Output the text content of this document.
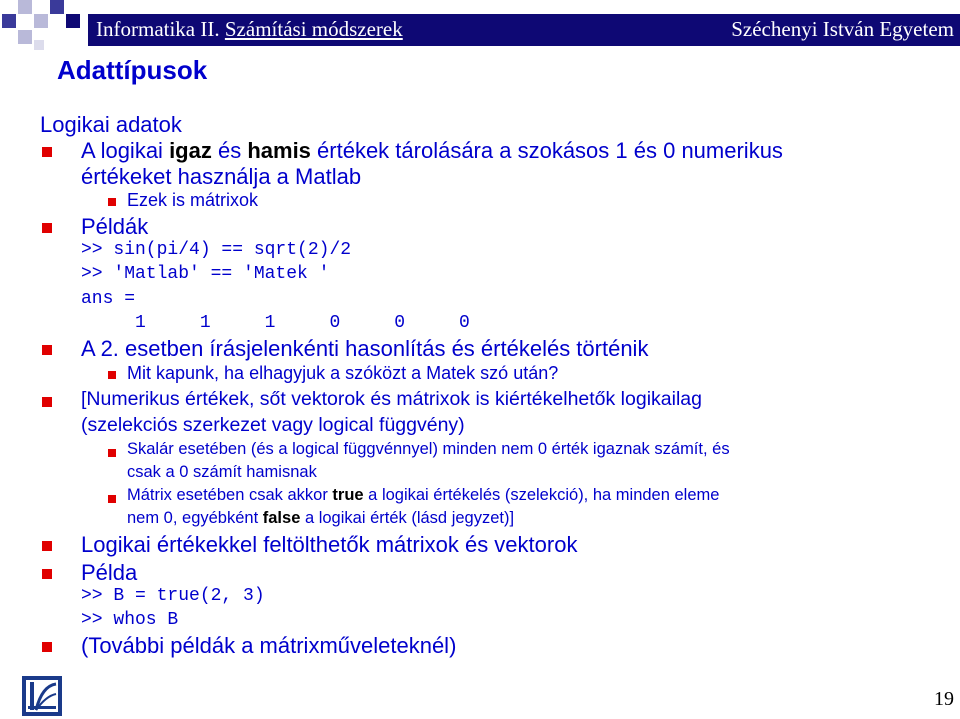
Informatika II. Számítási módszerek	Széchenyi István Egyetem
Adattípusok
Logikai adatok
A logikai igaz és hamis értékek tárolására a szokásos 1 és 0 numerikus
értékeket használja a Matlab
Ezek is mátrixok
Példák
>> sin(pi/4) == sqrt(2)/2
>> 'Matlab' == 'Matek '
ans =
1     1     1     0     0     0
A 2. esetben írásjelenkénti hasonlítás és értékelés történik
Mit kapunk, ha elhagyjuk a szóközt a Matek szó után?
[Numerikus értékek, sőt vektorok és mátrixok is kiértékelhetők logikailag
(szelekciós szerkezet vagy logical függvény)
Skalár esetében (és a logical függvénnyel) minden nem 0 érték igaznak számít, és
csak a 0 számít hamisnak
Mátrix esetében csak akkor true a logikai értékelés (szelekció), ha minden eleme
nem 0, egyébként false a logikai érték (lásd jegyzet)]
Logikai értékekkel feltölthetők mátrixok és vektorok
Példa
>> B = true(2, 3)
>> whos B
(További példák a mátrixműveleteknél)
19
